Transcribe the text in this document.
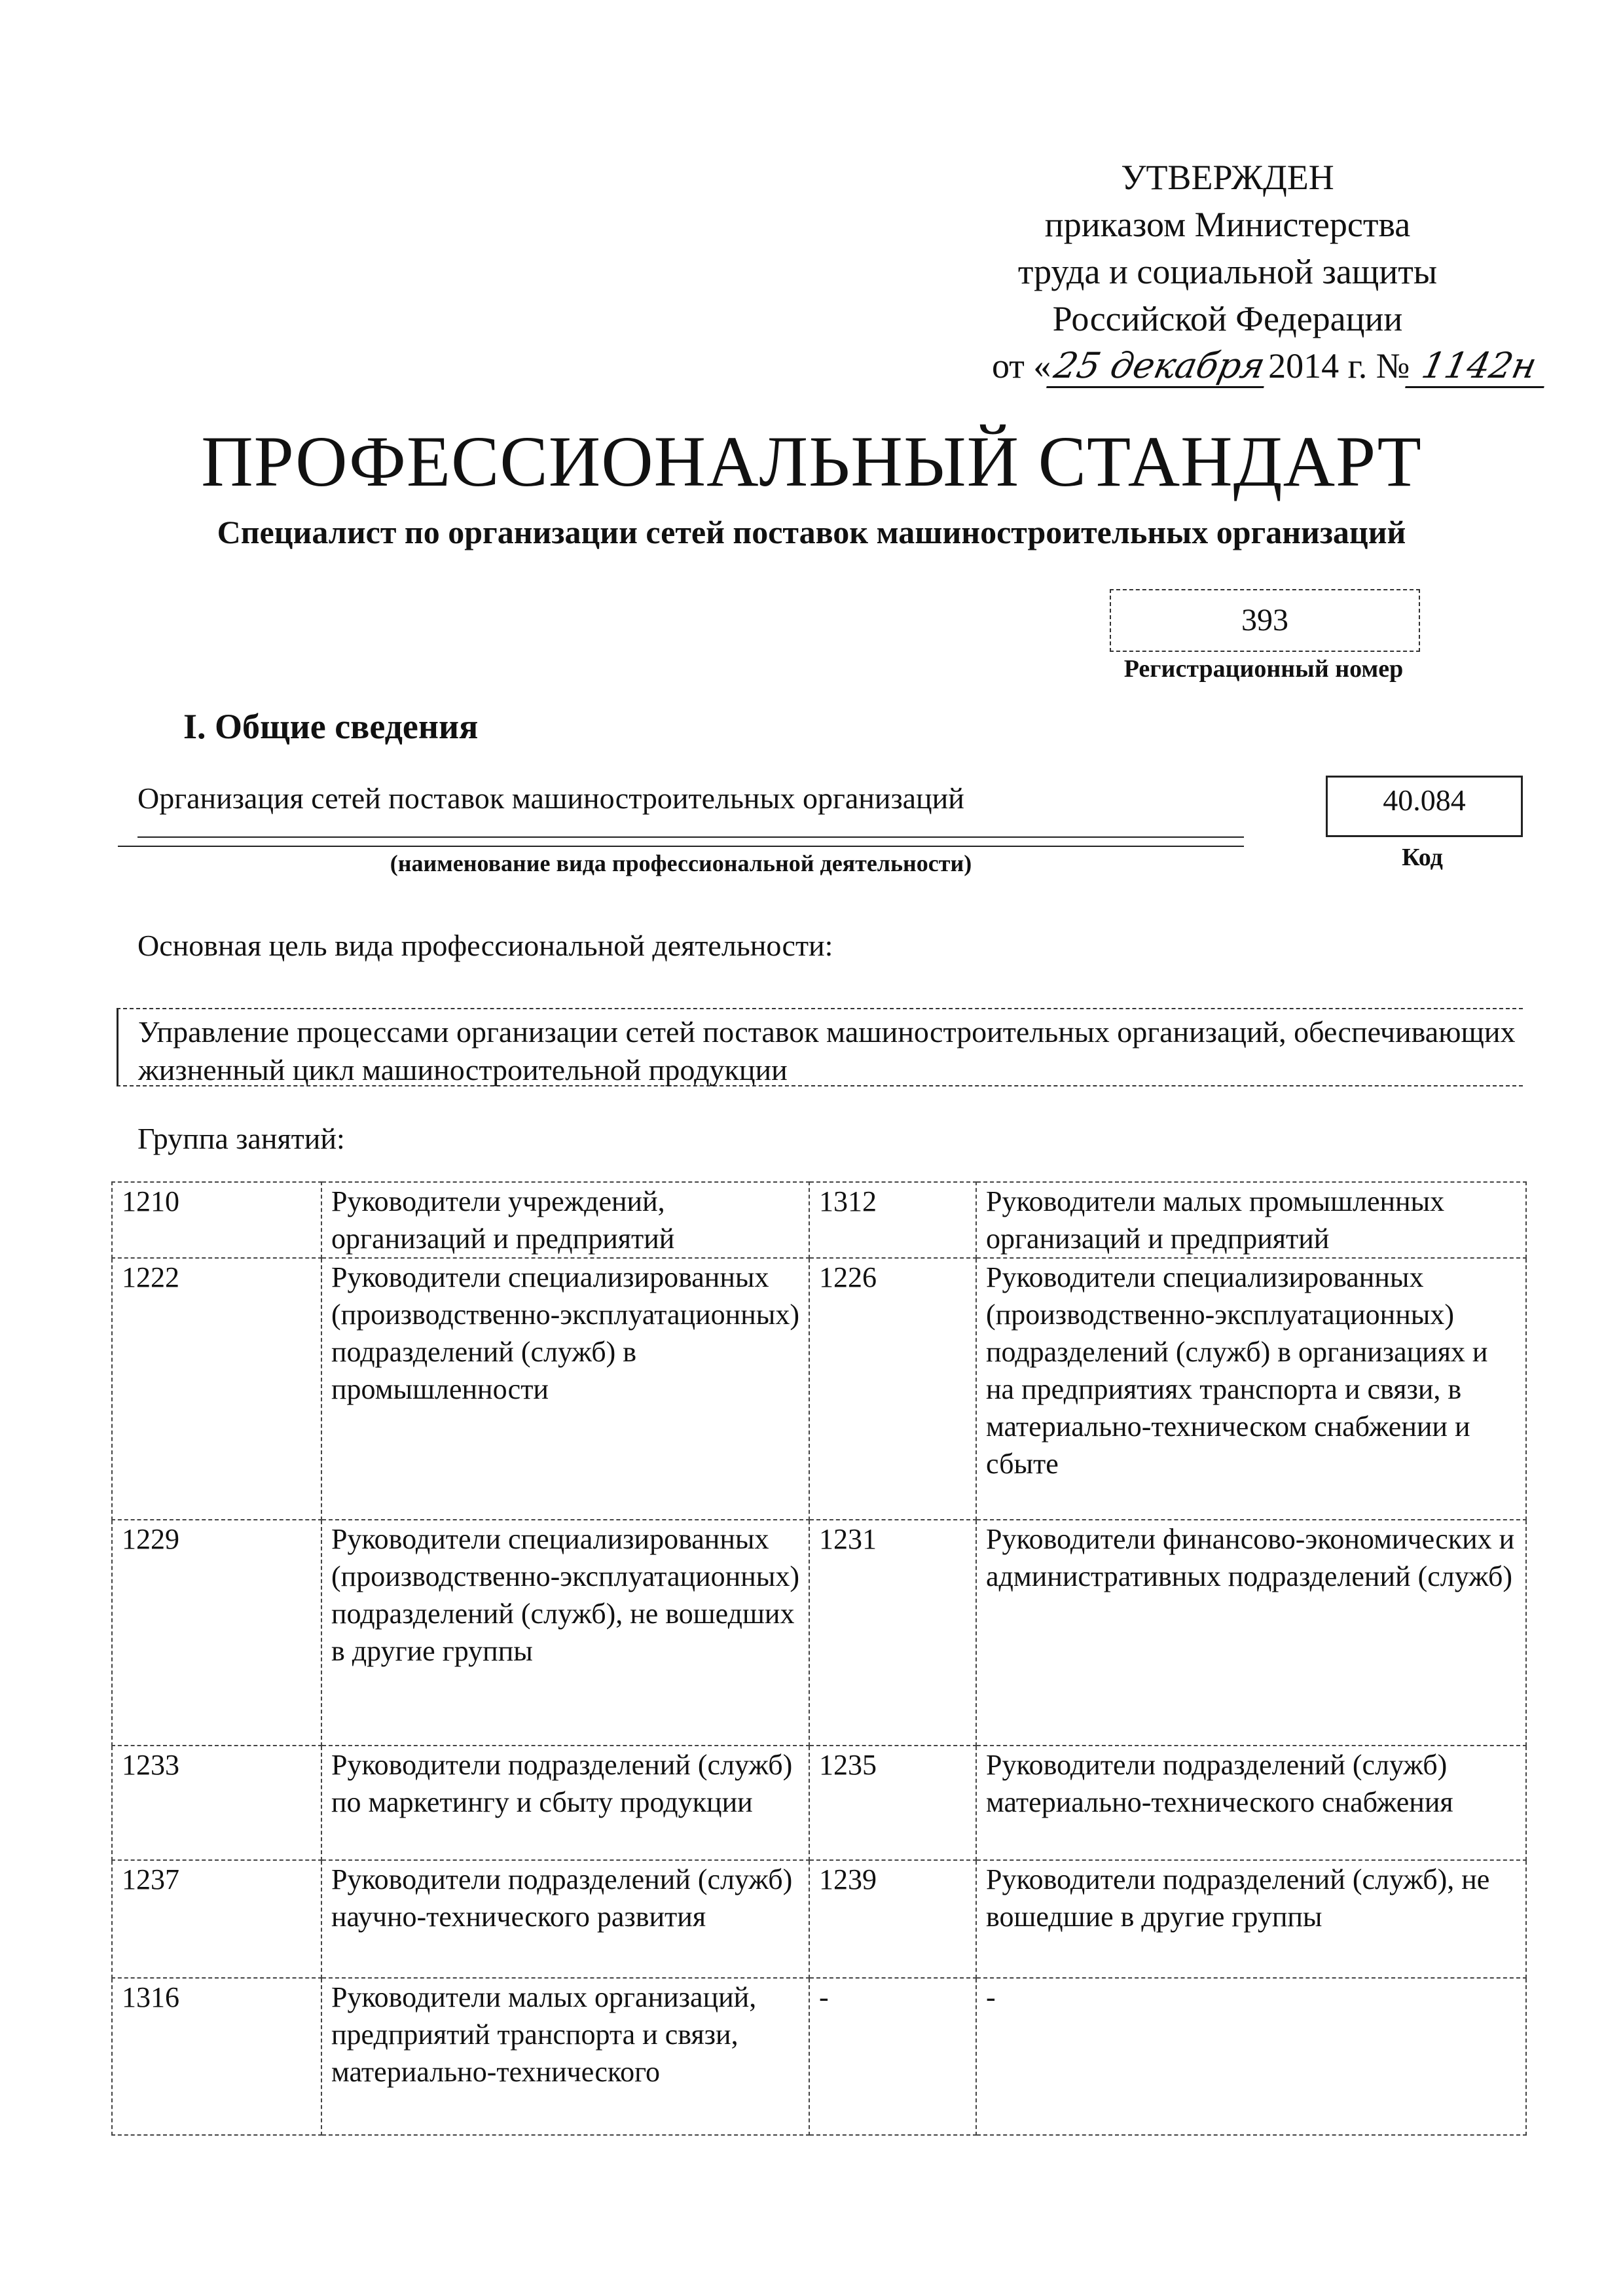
УТВЕРЖДЕН
приказом Министерства
труда и социальной защиты
Российской Федерации
от «25 декабря2014 г. № 1142н
ПРОФЕССИОНАЛЬНЫЙ СТАНДАРТ
Специалист по организации сетей поставок машиностроительных организаций
393
Регистрационный номер
I. Общие сведения
Организация сетей поставок машиностроительных организаций
(наименование вида профессиональной деятельности)
40.084
Код
Основная цель вида профессиональной деятельности:
Управление процессами организации сетей поставок машиностроительных организаций, обеспечивающих жизненный цикл машиностроительной продукции
Группа занятий:
1210	Руководители учреждений, организаций и предприятий	1312	Руководители малых промышленных организаций и предприятий
1222	Руководители специализированных (производственно-эксплуатационных) подразделений (служб) в промышленности	1226	Руководители специализированных (производственно-эксплуатационных) подразделений (служб) в организациях и на предприятиях транспорта и связи, в материально-техническом снабжении и сбыте
1229	Руководители специализированных (производственно-эксплуатационных) подразделений (служб), не вошедших в другие группы	1231	Руководители финансово-экономических и административных подразделений (служб)
1233	Руководители подразделений (служб) по маркетингу и сбыту продукции	1235	Руководители подразделений (служб) материально-технического снабжения
1237	Руководители подразделений (служб) научно-технического развития	1239	Руководители подразделений (служб), не вошедшие в другие группы
1316	Руководители малых организаций, предприятий транспорта и связи, материально-технического	-	-
